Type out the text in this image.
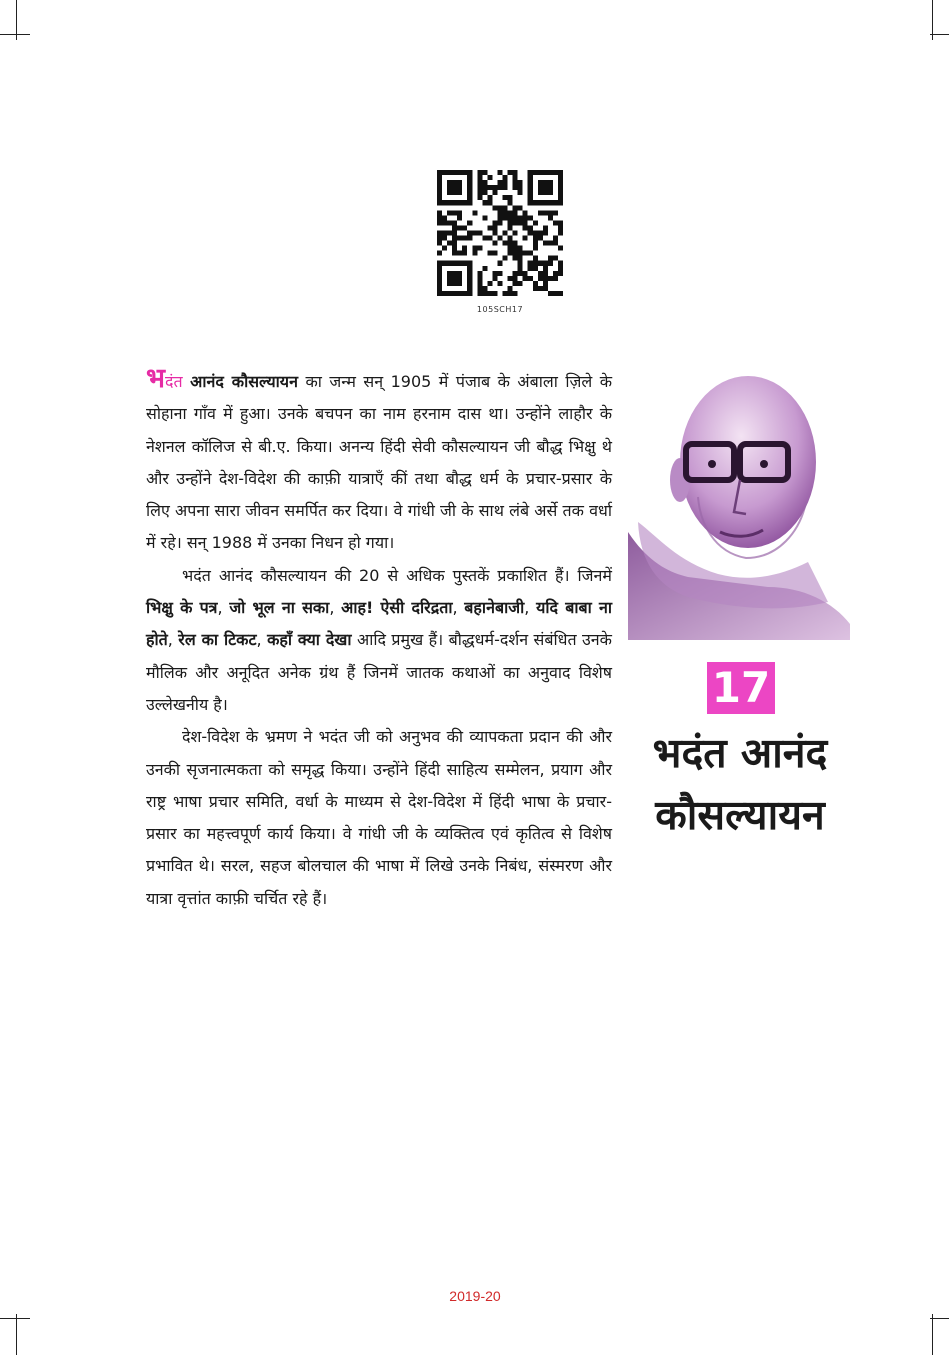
105SCH17

भदंत आनंद कौसल्यायन का जन्म सन् 1905 में पंजाब के अंबाला ज़िले के सोहाना गाँव में हुआ। उनके बचपन का नाम हरनाम दास था। उन्होंने लाहौर के नेशनल कॉलिज से बी.ए. किया। अनन्य हिंदी सेवी कौसल्यायन जी बौद्ध भिक्षु थे और उन्होंने देश-विदेश की काफ़ी यात्राएँ कीं तथा बौद्ध धर्म के प्रचार-प्रसार के लिए अपना सारा जीवन समर्पित कर दिया। वे गांधी जी के साथ लंबे अर्से तक वर्धा में रहे। सन् 1988 में उनका निधन हो गया।

भदंत आनंद कौसल्यायन की 20 से अधिक पुस्तकें प्रकाशित हैं। जिनमें भिक्षु के पत्र, जो भूल ना सका, आह! ऐसी दरिद्रता, बहानेबाजी, यदि बाबा ना होते, रेल का टिकट, कहाँ क्या देखा आदि प्रमुख हैं। बौद्धधर्म-दर्शन संबंधित उनके मौलिक और अनूदित अनेक ग्रंथ हैं जिनमें जातक कथाओं का अनुवाद विशेष उल्लेखनीय है।

देश-विदेश के भ्रमण ने भदंत जी को अनुभव की व्यापकता प्रदान की और उनकी सृजनात्मकता को समृद्ध किया। उन्होंने हिंदी साहित्य सम्मेलन, प्रयाग और राष्ट्र भाषा प्रचार समिति, वर्धा के माध्यम से देश-विदेश में हिंदी भाषा के प्रचार-प्रसार का महत्त्वपूर्ण कार्य किया। वे गांधी जी के व्यक्तित्व एवं कृतित्व से विशेष प्रभावित थे। सरल, सहज बोलचाल की भाषा में लिखे उनके निबंध, संस्मरण और यात्रा वृत्तांत काफ़ी चर्चित रहे हैं।

17
भदंत आनंद
कौसल्यायन
2019-20
